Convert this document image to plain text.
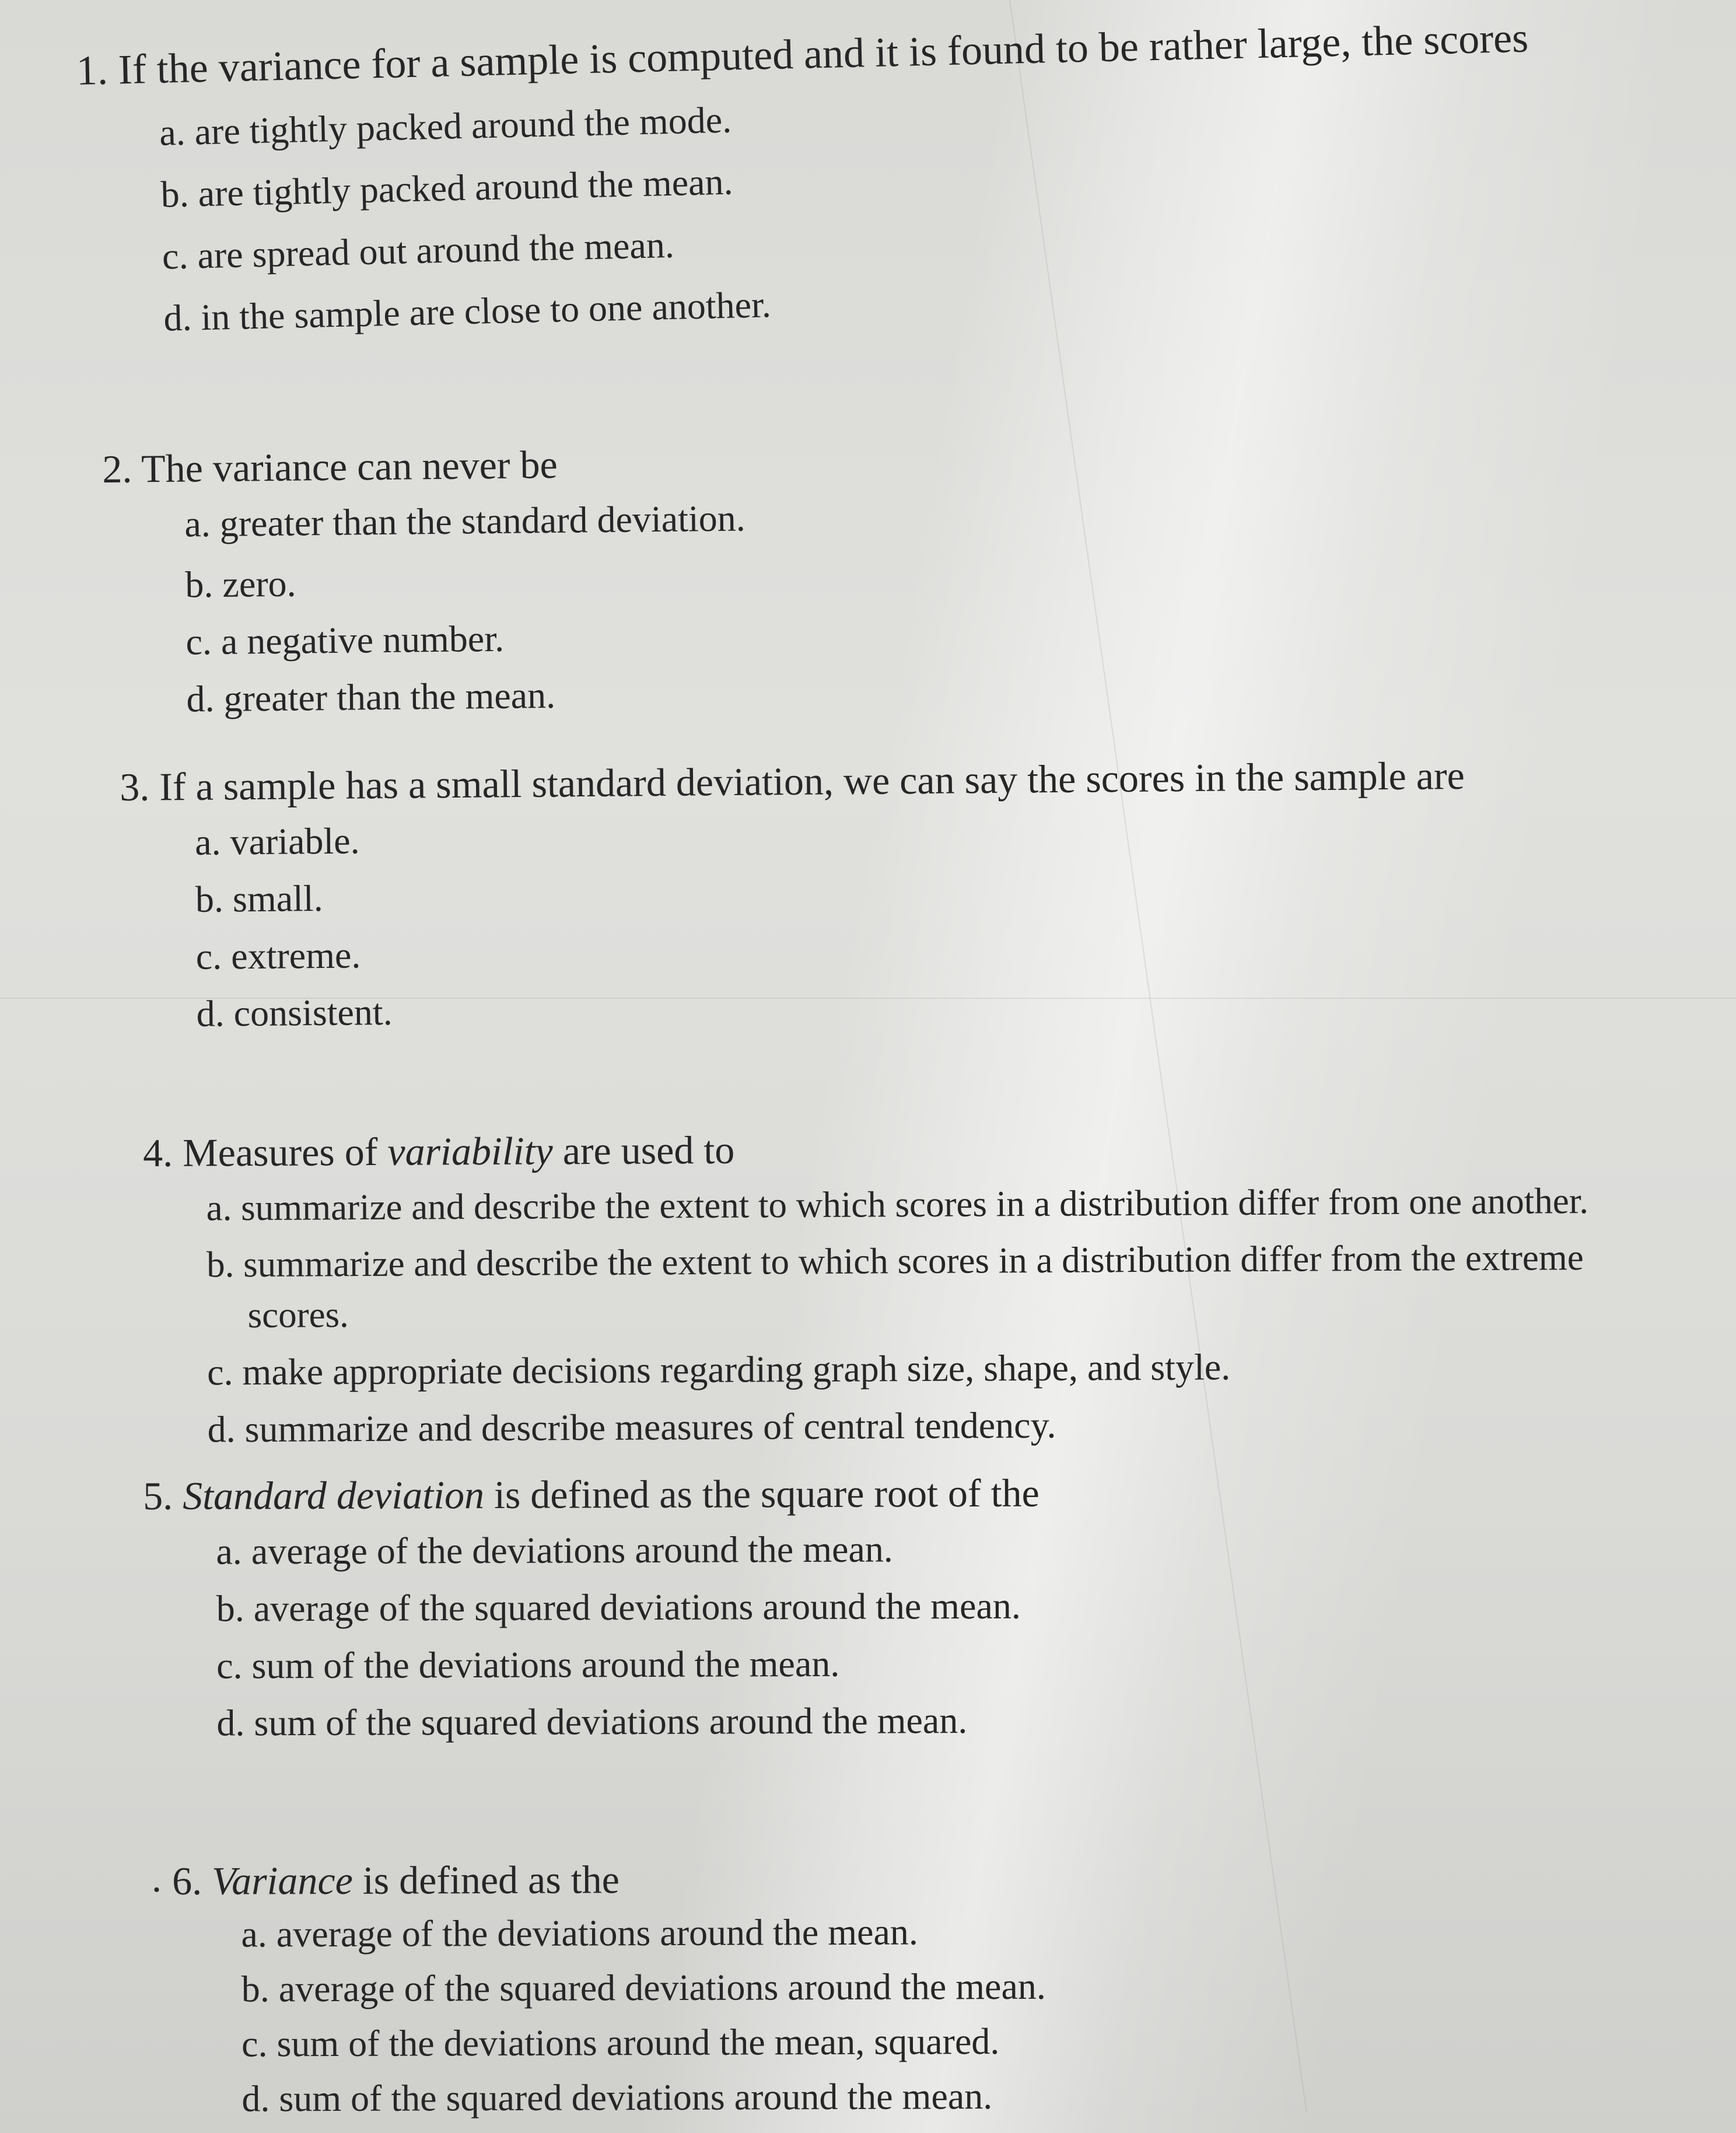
1. If the variance for a sample is computed and it is found to be rather large, the scores

a. are tightly packed around the mode.
b. are tightly packed around the mean.
c. are spread out around the mean.
d. in the sample are close to one another.

2. The variance can never be

a. greater than the standard deviation.
b. zero.
c. a negative number.
d. greater than the mean.

3. If a sample has a small standard deviation, we can say the scores in the sample are

a. variable.
b. small.
c. extreme.
d. consistent.

4. Measures of variability are used to

a. summarize and describe the extent to which scores in a distribution differ from one another.
b. summarize and describe the extent to which scores in a distribution differ from the extreme
scores.
c. make appropriate decisions regarding graph size, shape, and style.
d. summarize and describe measures of central tendency.

5. Standard deviation is defined as the square root of the

a. average of the deviations around the mean.
b. average of the squared deviations around the mean.
c. sum of the deviations around the mean.
d. sum of the squared deviations around the mean.
. 6. Variance is defined as the

a. average of the deviations around the mean.
b. average of the squared deviations around the mean.
c. sum of the deviations around the mean, squared.
d. sum of the squared deviations around the mean.
